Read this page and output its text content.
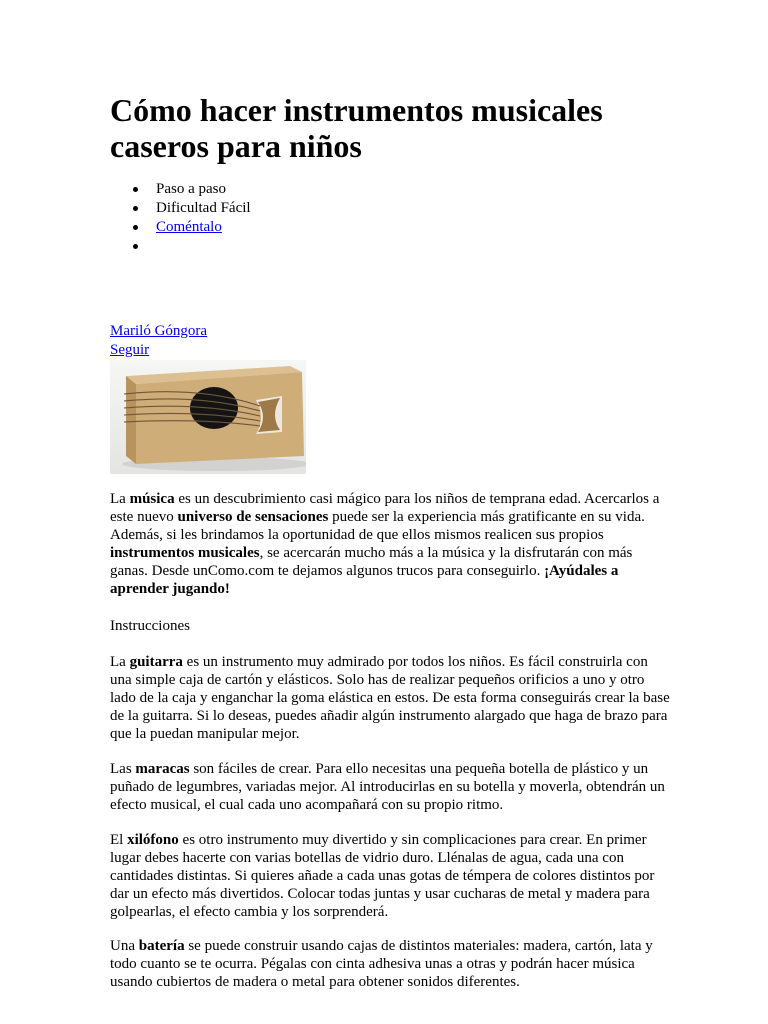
Cómo hacer instrumentos musicales caseros para niños
Paso a paso
Dificultad Fácil
Coméntalo
Mariló Góngora
Seguir

La música es un descubrimiento casi mágico para los niños de temprana edad. Acercarlos a este nuevo universo de sensaciones puede ser la experiencia más gratificante en su vida. Además, si les brindamos la oportunidad de que ellos mismos realicen sus propios instrumentos musicales, se acercarán mucho más a la música y la disfrutarán con más ganas. Desde unComo.com te dejamos algunos trucos para conseguirlo. ¡Ayúdales a aprender jugando!

Instrucciones

La guitarra es un instrumento muy admirado por todos los niños. Es fácil construirla con una simple caja de cartón y elásticos. Solo has de realizar pequeños orificios a uno y otro lado de la caja y enganchar la goma elástica en estos. De esta forma conseguirás crear la base de la guitarra. Si lo deseas, puedes añadir algún instrumento alargado que haga de brazo para que la puedan manipular mejor.

Las maracas son fáciles de crear. Para ello necesitas una pequeña botella de plástico y un puñado de legumbres, variadas mejor. Al introducirlas en su botella y moverla, obtendrán un efecto musical, el cual cada uno acompañará con su propio ritmo.

El xilófono es otro instrumento muy divertido y sin complicaciones para crear. En primer lugar debes hacerte con varias botellas de vidrio duro. Llénalas de agua, cada una con cantidades distintas. Si quieres añade a cada unas gotas de témpera de colores distintos por dar un efecto más divertidos. Colocar todas juntas y usar cucharas de metal y madera para golpearlas, el efecto cambia y los sorprenderá.

Una batería se puede construir usando cajas de distintos materiales: madera, cartón, lata y todo cuanto se te ocurra. Pégalas con cinta adhesiva unas a otras y podrán hacer música usando cubiertos de madera o metal para obtener sonidos diferentes.
